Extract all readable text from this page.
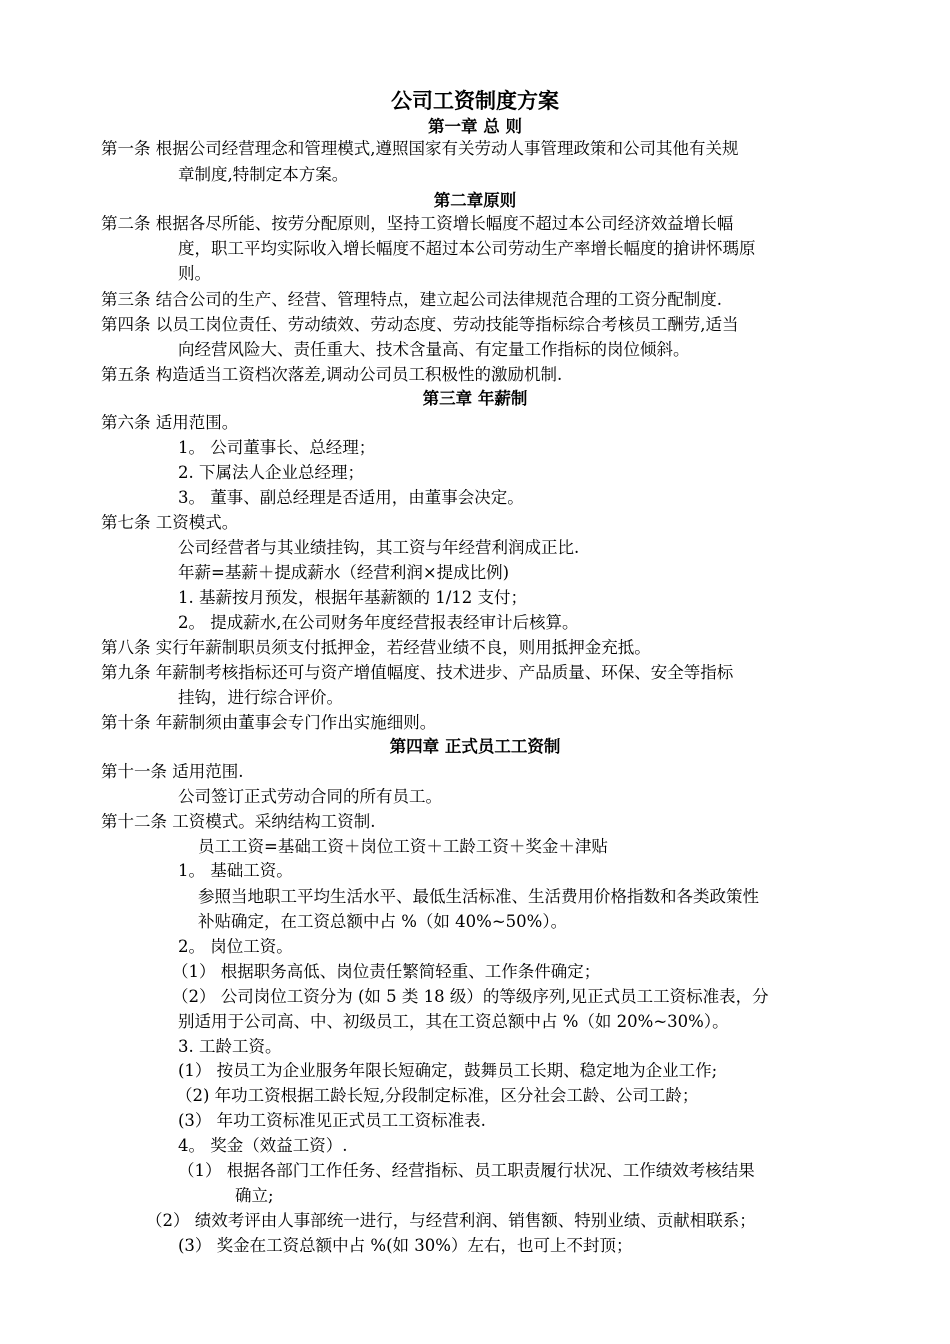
公司工资制度方案
第一章 总 则
第一条 根据公司经营理念和管理模式,遵照国家有关劳动人事管理政策和公司其他有关规
章制度,特制定本方案。
第二章原则
第二条 根据各尽所能、按劳分配原则，坚持工资增长幅度不超过本公司经济效益增长幅
度，职工平均实际收入增长幅度不超过本公司劳动生产率增长幅度的搶讲怀瑪原
则。
第三条 结合公司的生产、经营、管理特点，建立起公司法律规范合理的工资分配制度.
第四条 以员工岗位责任、劳动绩效、劳动态度、劳动技能等指标综合考核员工酬劳,适当
向经营风险大、责任重大、技术含量高、有定量工作指标的岗位倾斜。
第五条 构造适当工资档次落差,调动公司员工积极性的激励机制.
第三章 年薪制
第六条 适用范围。
1。 公司董事长、总经理；
2. 下属法人企业总经理；
3。 董事、副总经理是否适用，由董事会决定。
第七条 工资模式。
公司经营者与其业绩挂钩，其工资与年经营利润成正比.
年薪=基薪＋提成薪水（经营利润×提成比例)
1. 基薪按月预发，根据年基薪额的 1/12 支付；
2。 提成薪水,在公司财务年度经营报表经审计后核算。
第八条 实行年薪制职员须支付抵押金，若经营业绩不良，则用抵押金充抵。
第九条 年薪制考核指标还可与资产增值幅度、技术进步、产品质量、环保、安全等指标
挂钩，进行综合评价。
第十条 年薪制须由董事会专门作出实施细则。
第四章 正式员工工资制
第十一条 适用范围.
公司签订正式劳动合同的所有员工。
第十二条 工资模式。采纳结构工资制.
员工工资=基础工资＋岗位工资＋工龄工资＋奖金＋津贴
1。 基础工资。
参照当地职工平均生活水平、最低生活标准、生活费用价格指数和各类政策性
补贴确定，在工资总额中占 %（如 40%~50%）。
2。 岗位工资。
（1） 根据职务高低、岗位责任繁简轻重、工作条件确定；
（2） 公司岗位工资分为 (如 5 类 18 级）的等级序列,见正式员工工资标准表，分
别适用于公司高、中、初级员工，其在工资总额中占 %（如 20%~30%）。
3. 工龄工资。
(1） 按员工为企业服务年限长短确定，鼓舞员工长期、稳定地为企业工作;
（2) 年功工资根据工龄长短,分段制定标准，区分社会工龄、公司工龄；
(3） 年功工资标准见正式员工工资标准表.
4。 奖金（效益工资）.
（1） 根据各部门工作任务、经营指标、员工职责履行状况、工作绩效考核结果
确立;
（2） 绩效考评由人事部统一进行，与经营利润、销售额、特别业绩、贡献相联系；
(3） 奖金在工资总额中占 %(如 30%）左右，也可上不封顶；
